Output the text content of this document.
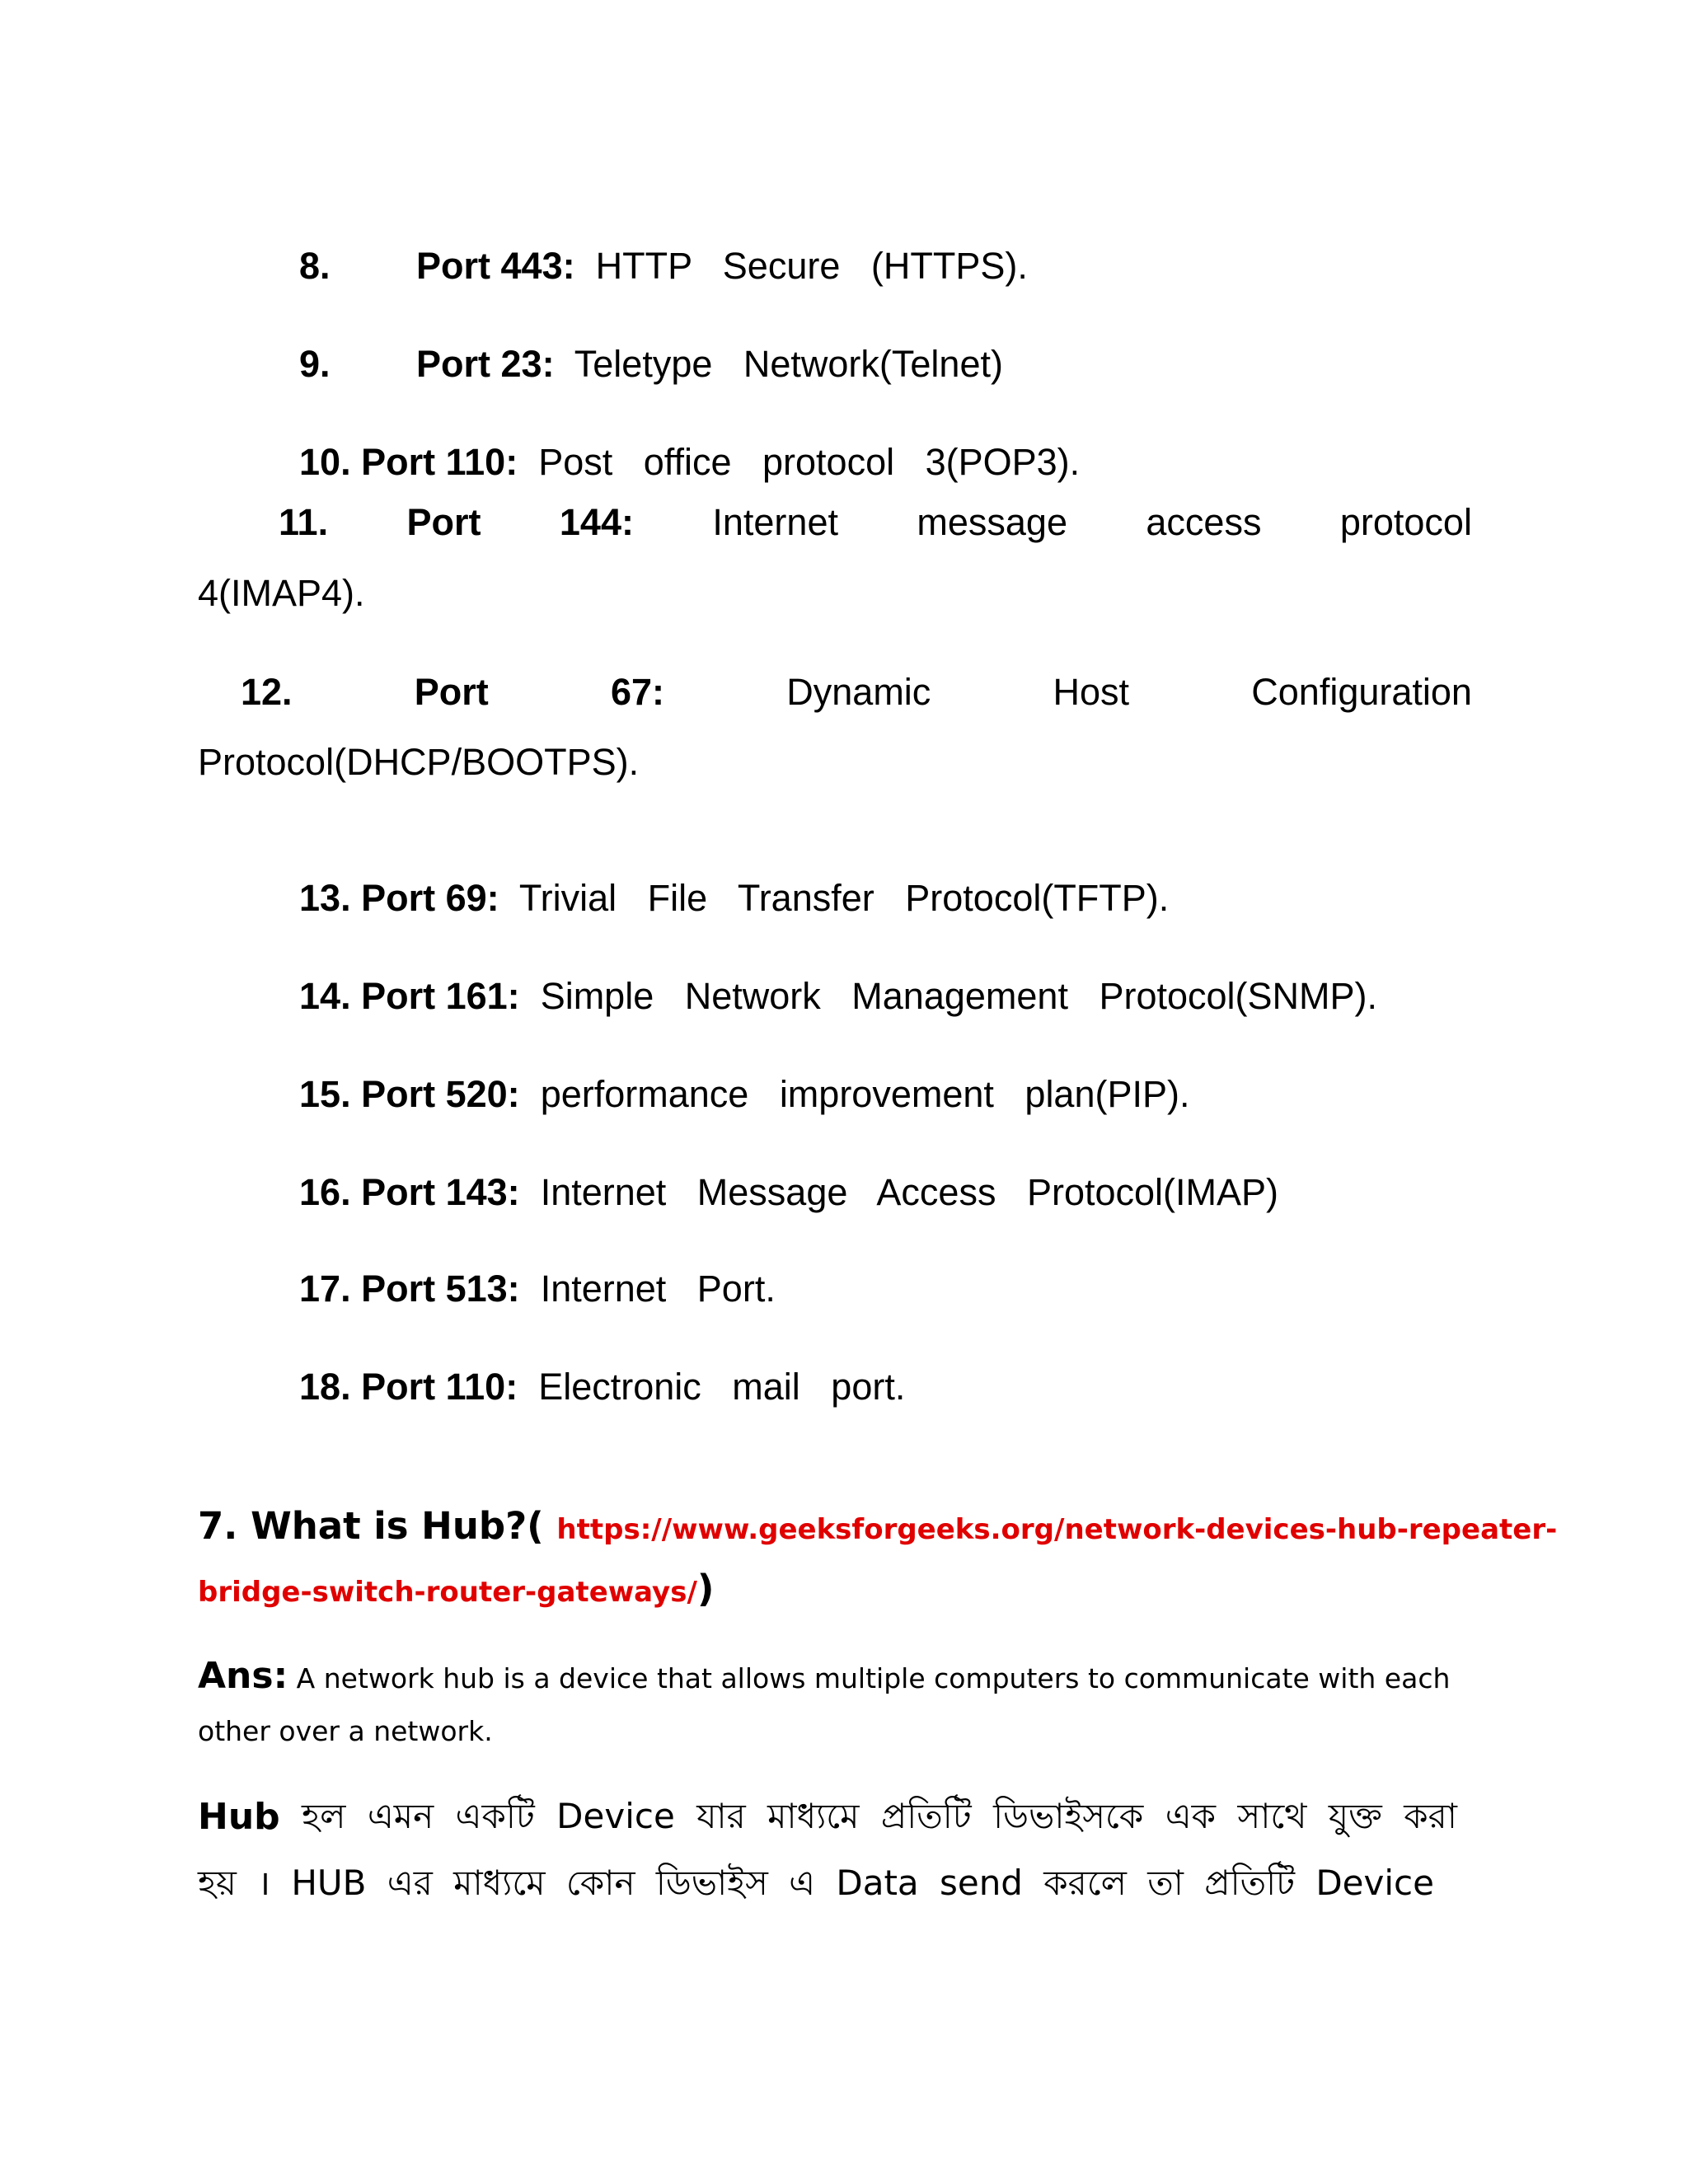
8. Port 443: HTTP   Secure   (HTTPS).

9. Port 23: Teletype   Network(Telnet)

10. Port 110: Post   office   protocol   3(POP3).

11. Port 144: Internet message access protocol
4(IMAP4).
12.	Port	67:	Dynamic	Host	Configuration
Protocol(DHCP/BOOTPS).

13. Port 69: Trivial   File   Transfer   Protocol(TFTP).

14. Port 161: Simple   Network   Management   Protocol(SNMP).

15. Port 520: performance   improvement   plan(PIP).

16. Port 143: Internet   Message   Access   Protocol(IMAP)

17. Port 513: Internet   Port.

18. Port 110: Electronic   mail   port.

7. What is Hub?( https://www.geeksforgeeks.org/network-devices-hub-repeater-
bridge-switch-router-gateways/)
Ans: A network hub is a device that allows multiple computers to communicate with each
other over a network.
Hub হল এমন একটি Device যার মাধ্যমে প্রতিটি ডিভাইসকে এক সাথে যুক্ত করা
হয় । HUB এর মাধ্যমে কোন ডিভাইস এ Data send করলে তা প্রতিটি Device
